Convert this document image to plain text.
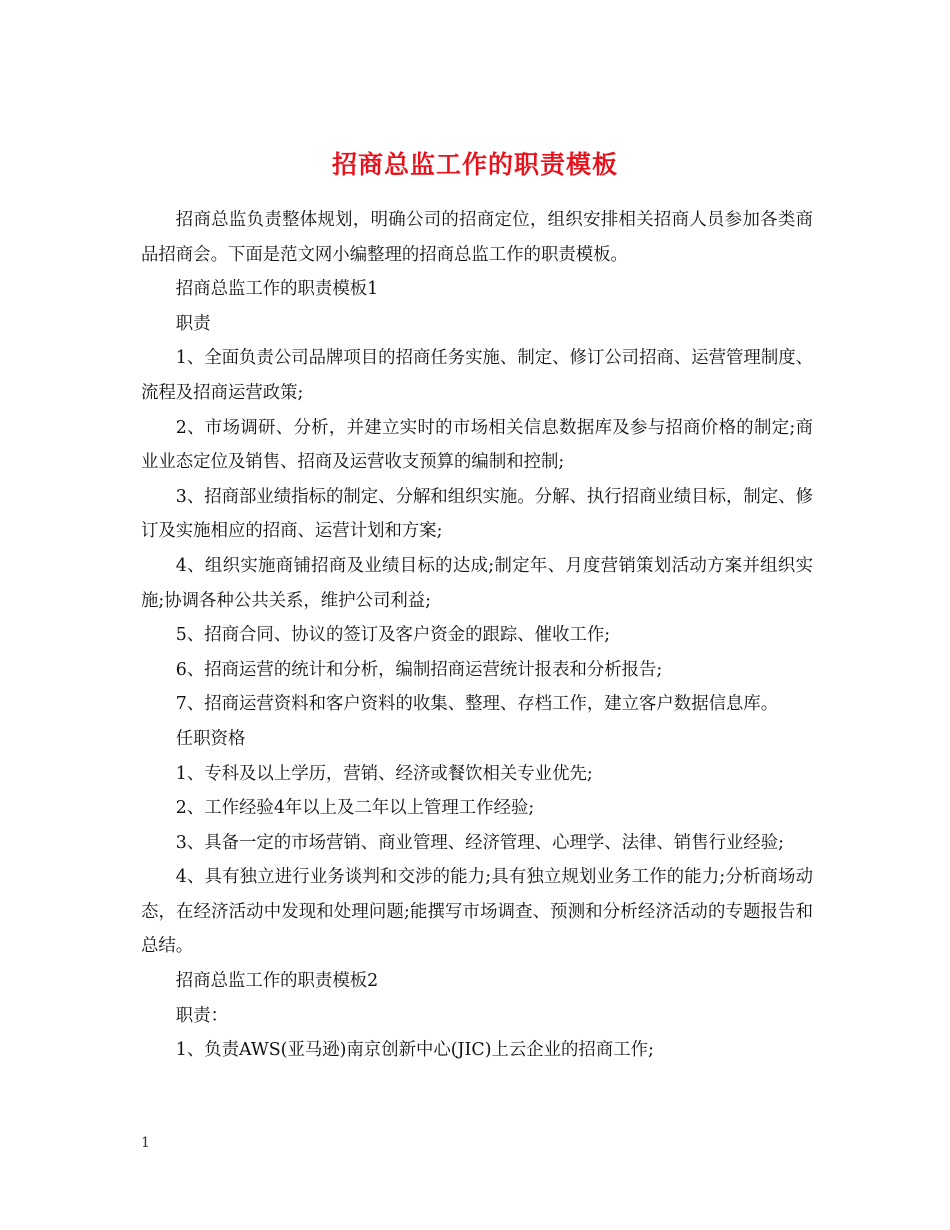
招商总监工作的职责模板

招商总监负责整体规划，明确公司的招商定位，组织安排相关招商人员参加各类商品招商会。下面是范文网小编整理的招商总监工作的职责模板。

招商总监工作的职责模板1

职责

1、全面负责公司品牌项目的招商任务实施、制定、修订公司招商、运营管理制度、流程及招商运营政策;

2、市场调研、分析，并建立实时的市场相关信息数据库及参与招商价格的制定;商业业态定位及销售、招商及运营收支预算的编制和控制;

3、招商部业绩指标的制定、分解和组织实施。分解、执行招商业绩目标，制定、修订及实施相应的招商、运营计划和方案;

4、组织实施商铺招商及业绩目标的达成;制定年、月度营销策划活动方案并组织实施;协调各种公共关系，维护公司利益;

5、招商合同、协议的签订及客户资金的跟踪、催收工作;

6、招商运营的统计和分析，编制招商运营统计报表和分析报告;

7、招商运营资料和客户资料的收集、整理、存档工作，建立客户数据信息库。

任职资格

1、专科及以上学历，营销、经济或餐饮相关专业优先;

2、工作经验4年以上及二年以上管理工作经验;

3、具备一定的市场营销、商业管理、经济管理、心理学、法律、销售行业经验;

4、具有独立进行业务谈判和交涉的能力;具有独立规划业务工作的能力;分析商场动态，在经济活动中发现和处理问题;能撰写市场调查、预测和分析经济活动的专题报告和总结。

招商总监工作的职责模板2

职责：

1、负责AWS(亚马逊)南京创新中心(JIC)上云企业的招商工作;

1
